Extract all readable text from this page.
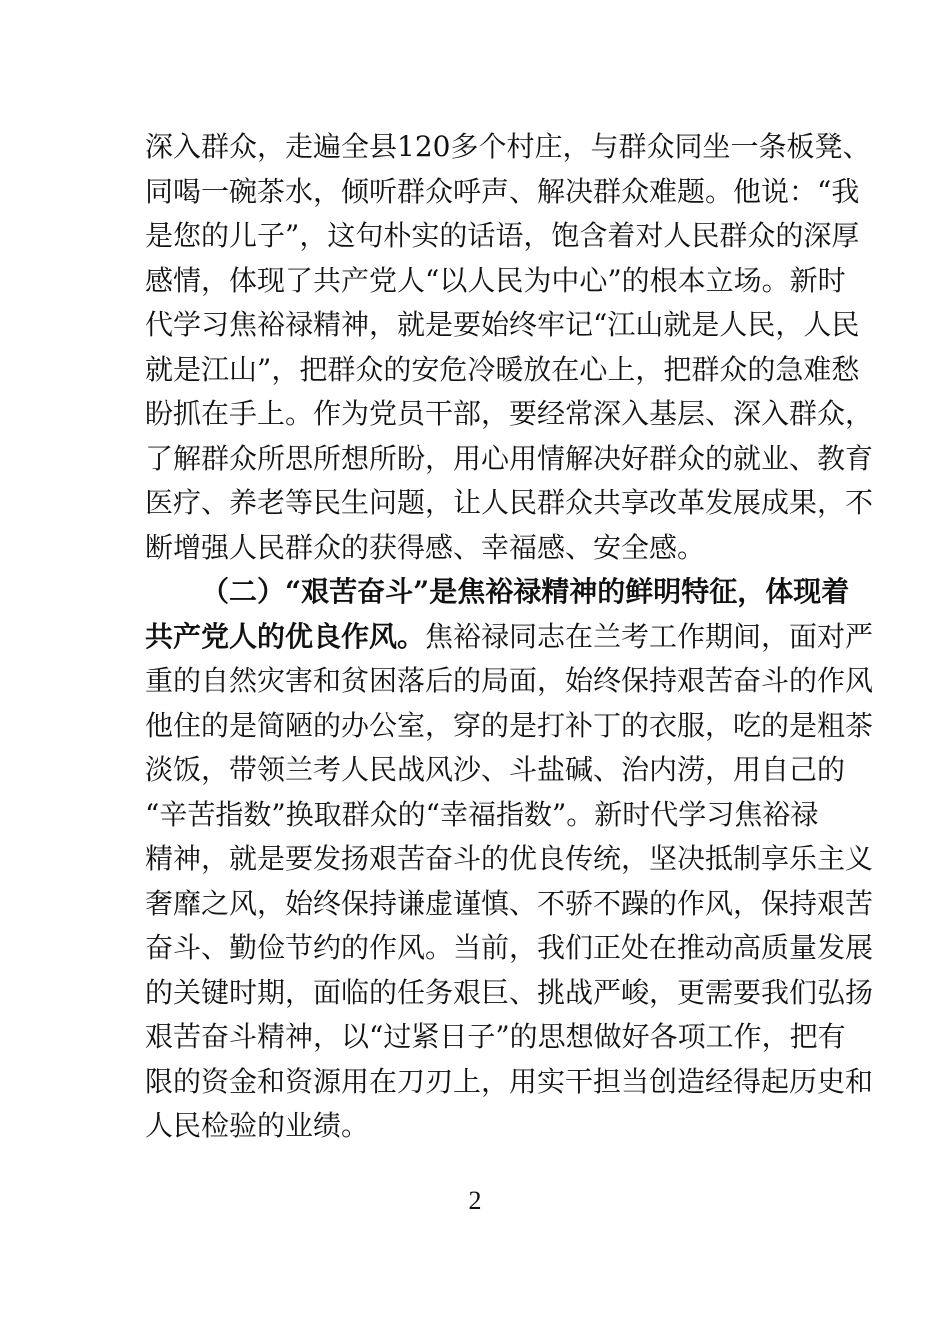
深入群众，走遍全县120多个村庄，与群众同坐一条板凳、
同喝一碗茶水，倾听群众呼声、解决群众难题。他说：“我
是您的儿子”，这句朴实的话语，饱含着对人民群众的深厚
感情，体现了共产党人“以人民为中心”的根本立场。新时
代学习焦裕禄精神，就是要始终牢记“江山就是人民，人民
就是江山”，把群众的安危冷暖放在心上，把群众的急难愁
盼抓在手上。作为党员干部，要经常深入基层、深入群众，
了解群众所思所想所盼，用心用情解决好群众的就业、教育
医疗、养老等民生问题，让人民群众共享改革发展成果，不
断增强人民群众的获得感、幸福感、安全感。
（二）“艰苦奋斗”是焦裕禄精神的鲜明特征，体现着
共产党人的优良作风。焦裕禄同志在兰考工作期间，面对严
重的自然灾害和贫困落后的局面，始终保持艰苦奋斗的作风
他住的是简陋的办公室，穿的是打补丁的衣服，吃的是粗茶
淡饭，带领兰考人民战风沙、斗盐碱、治内涝，用自己的
“辛苦指数”换取群众的“幸福指数”。新时代学习焦裕禄
精神，就是要发扬艰苦奋斗的优良传统，坚决抵制享乐主义
奢靡之风，始终保持谦虚谨慎、不骄不躁的作风，保持艰苦
奋斗、勤俭节约的作风。当前，我们正处在推动高质量发展
的关键时期，面临的任务艰巨、挑战严峻，更需要我们弘扬
艰苦奋斗精神，以“过紧日子”的思想做好各项工作，把有
限的资金和资源用在刀刃上，用实干担当创造经得起历史和
人民检验的业绩。
2
